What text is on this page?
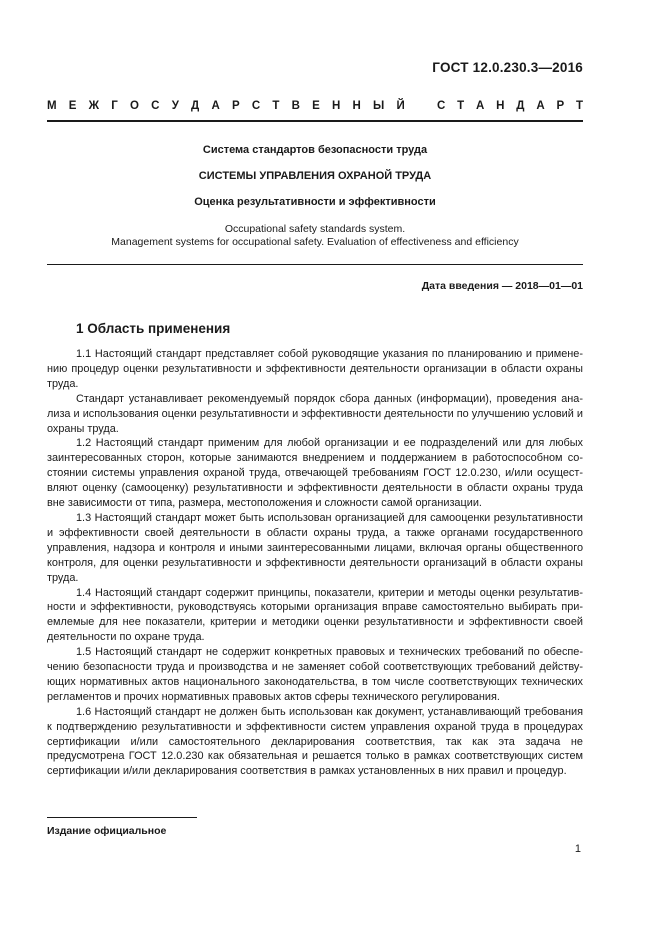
ГОСТ 12.0.230.3—2016
М Е Ж Г О С У Д А Р С Т В Е Н Н Ы Й	С Т А Н Д А Р Т
Система стандартов безопасности труда
СИСТЕМЫ УПРАВЛЕНИЯ ОХРАНОЙ ТРУДА
Оценка результативности и эффективности
Occupational safety standards system.
Management systems for occupational safety. Evaluation of effectiveness and efficiency
Дата введения — 2018—01—01
1 Область применения

1.1 Настоящий стандарт представляет собой руководящие указания по планированию и применению процедур оценки результативности и эффективности деятельности организации в области охраны труда.

Стандарт устанавливает рекомендуемый порядок сбора данных (информации), проведения анализа и использования оценки результативности и эффективности деятельности по улучшению условий и охраны труда.

1.2 Настоящий стандарт применим для любой организации и ее подразделений или для любых заинтересованных сторон, которые занимаются внедрением и поддержанием в работоспособном состоянии системы управления охраной труда, отвечающей требованиям ГОСТ 12.0.230, и/или осуществляют оценку (самооценку) результативности и эффективности деятельности в области охраны труда вне зависимости от типа, размера, местоположения и сложности самой организации.

1.3 Настоящий стандарт может быть использован организацией для самооценки результативности и эффективности своей деятельности в области охраны труда, а также органами государственного управления, надзора и контроля и иными заинтересованными лицами, включая органы общественного контроля, для оценки результативности и эффективности деятельности организаций в области охраны труда.

1.4 Настоящий стандарт содержит принципы, показатели, критерии и методы оценки результативности и эффективности, руководствуясь которыми организация вправе самостоятельно выбирать приемлемые для нее показатели, критерии и методики оценки результативности и эффективности своей деятельности по охране труда.

1.5 Настоящий стандарт не содержит конкретных правовых и технических требований по обеспечению безопасности труда и производства и не заменяет собой соответствующих требований действующих нормативных актов национального законодательства, в том числе соответствующих технических регламентов и прочих нормативных правовых актов сферы технического регулирования.

1.6 Настоящий стандарт не должен быть использован как документ, устанавливающий требования к подтверждению результативности и эффективности систем управления охраной труда в процедурах сертификации и/или самостоятельного декларирования соответствия, так как эта задача не предусмотрена ГОСТ 12.0.230 как обязательная и решается только в рамках соответствующих систем сертификации и/или декларирования соответствия в рамках установленных в них правил и процедур.

Издание официальное
1
